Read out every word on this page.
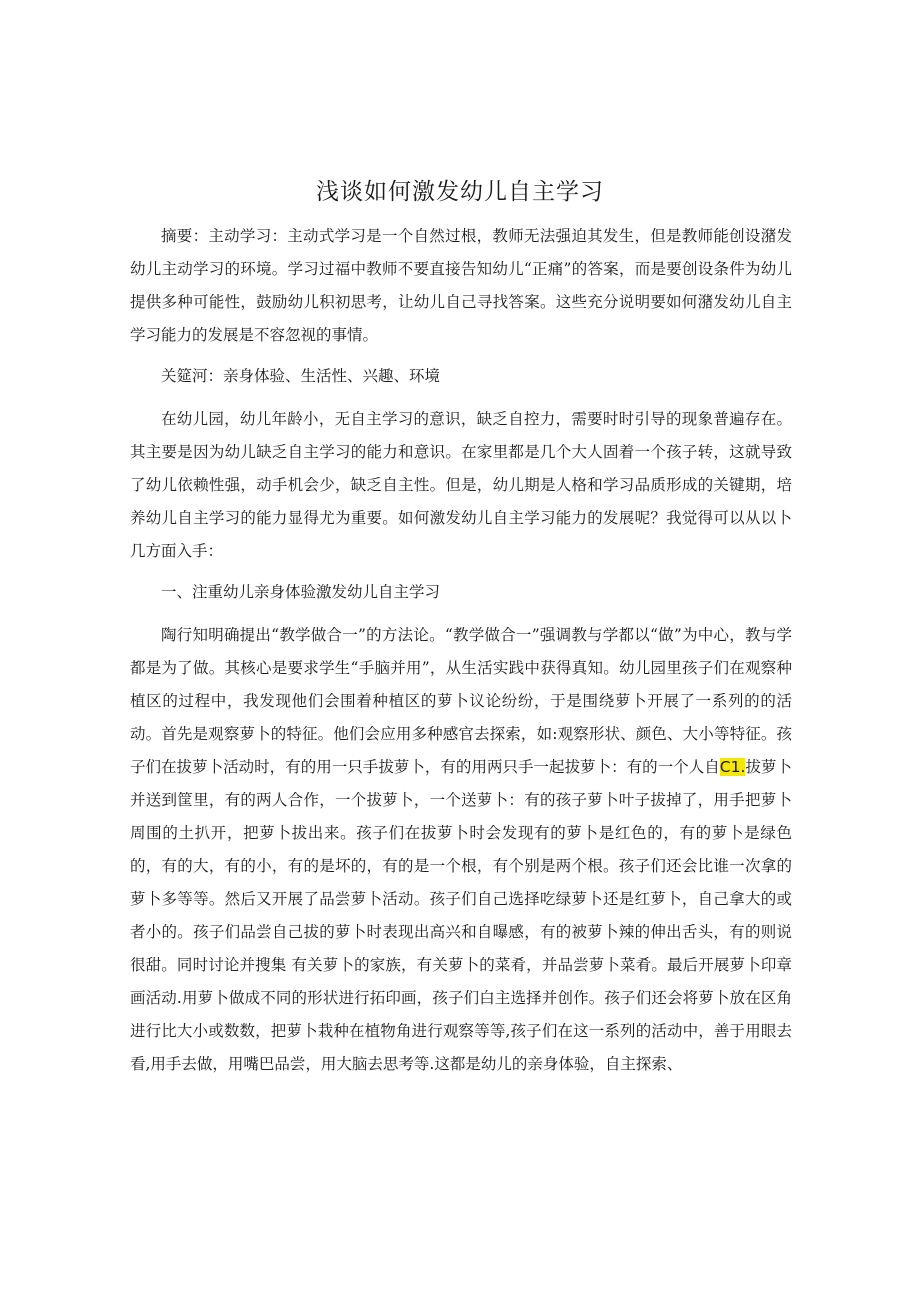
浅谈如何激发幼儿自主学习

摘要：主动学习：主动式学习是一个自然过根，教师无法强迫其发生，但是教师能创设潴发幼儿主动学习的环境。学习过福中教师不要直接告知幼儿“正痛”的答案，而是要创设条件为幼儿提供多种可能性，鼓励幼儿积初思考，让幼儿自己寻找答案。这些充分说明要如何潴发幼儿自主学习能力的发展是不容忽视的事情。

关筵河：亲身体验、生活性、兴趣、环境

在幼儿园，幼儿年龄小，无自主学习的意识，缺乏自控力，需要时时引导的现象普遍存在。其主要是因为幼儿缺乏自主学习的能力和意识。在家里都是几个大人固着一个孩子转，这就导致了幼儿依赖性强，动手机会少，缺乏自主性。但是，幼儿期是人格和学习品质形成的关键期，培养幼儿自主学习的能力显得尤为重要。如何激发幼儿自主学习能力的发展呢？我觉得可以从以卜几方面入手：

一、注重幼儿亲身体验激发幼儿自主学习

陶行知明确提出“教学做合一”的方法论。“教学做合一”强调教与学都以“做”为中心，教与学都是为了做。其核心是要求学生“手脑并用”，从生活实践中获得真知。幼儿园里孩子们在观察种植区的过程中，我发现他们会围着种植区的萝卜议论纷纷，于是围绕萝卜开展了一系列的的活动。首先是观察萝卜的特征。他们会应用多种感官去探索，如:观察形状、颜色、大小等特征。孩子们在拔萝卜活动时，有的用一只手拔萝卜，有的用两只手一起拔萝卜：有的一个人自C1.拔萝卜并送到筐里，有的两人合作，一个拔萝卜，一个送萝卜：有的孩子萝卜叶子拔掉了，用手把萝卜周围的土扒开，把萝卜拔出来。孩子们在拔萝卜时会发现有的萝卜是红色的，有的萝卜是绿色的，有的大，有的小，有的是坏的，有的是一个根，有个别是两个根。孩子们还会比谁一次拿的萝卜多等等。然后又开展了品尝萝卜活动。孩子们自己选择吃绿萝卜还是红萝卜，自己拿大的或者小的。孩子们品尝自己拔的萝卜时表现出高兴和自曝感，有的被萝卜辣的伸出舌头，有的则说很甜。同时讨论并搜集 有关萝卜的家族，有关萝卜的菜肴，并品尝萝卜菜肴。最后开展萝卜印章画活动.用萝卜做成不同的形状进行拓印画，孩子们白主选择并创作。孩子们还会将萝卜放在区角进行比大小或数数，把萝卜栽种在植物角进行观察等等,孩子们在这一系列的活动中，善于用眼去看,用手去做，用嘴巴品尝，用大脑去思考等.这都是幼儿的亲身体验，自主探索、
